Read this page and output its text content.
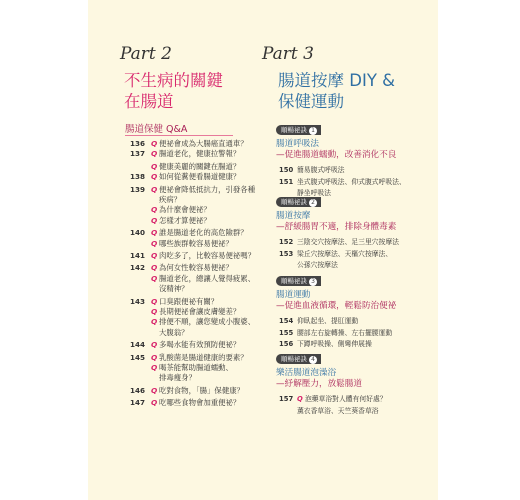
Part 2
不生病的關鍵
在腸道
腸道保健 Q&A
136 Q 便祕會成為大腸癌直通車？
137 Q 腸道老化，健康拉警報？
Q 健康美麗的關鍵在腸道？
138 Q 如何從糞便看腸道健康？
139 Q 便祕會降低抵抗力，引發各種
疾病？
Q 為什麼會便祕？
Q 怎樣才算便祕？
140 Q 誰是腸道老化的高危險群？
Q 哪些族群較容易便祕？
141 Q 肉吃多了，比較容易便祕嗎？
142 Q 為何女性較容易便祕？
Q 腸道老化，總讓人覺得疲累、
沒精神？
143 Q 口臭跟便祕有關？
Q 長期便祕會讓皮膚變差？
Q 排便不順，讓您變成小腹婆、
大腹翁？
144 Q 多喝水能有效預防便祕？
145 Q 乳酸菌是腸道健康的要素？
Q 喝茶能幫助腸道蠕動、
排毒瘦身？
146 Q 吃對食物，「腸」保健康？
147 Q 吃哪些食物會加重便祕？
Part 3
腸道按摩 DIY &
保健運動
順暢祕訣 1
腸道呼吸法
—促進腸道蠕動，改善消化不良
150 簡易腹式呼吸法
151 坐式腹式呼吸法、仰式腹式呼吸法、
靜坐呼吸法
順暢祕訣 2
腸道按摩
—舒緩腸胃不適，排除身體毒素
152 三陰交穴按摩法、足三里穴按摩法
153 梁丘穴按摩法、天樞穴按摩法、
公孫穴按摩法
順暢祕訣 3
腸道運動
—促進血液循環，輕鬆防治便祕
154 仰臥起坐、提肛運動
155 腰部左右旋轉操、左右擺腰運動
156 下蹲呼吸操、側彎伸展操
順暢祕訣 4
樂活腸道泡澡浴
—紓解壓力，放鬆腸道
157 Q 泡藥草浴對人體有何好處？
薰衣香草浴、天竺葵香草浴
